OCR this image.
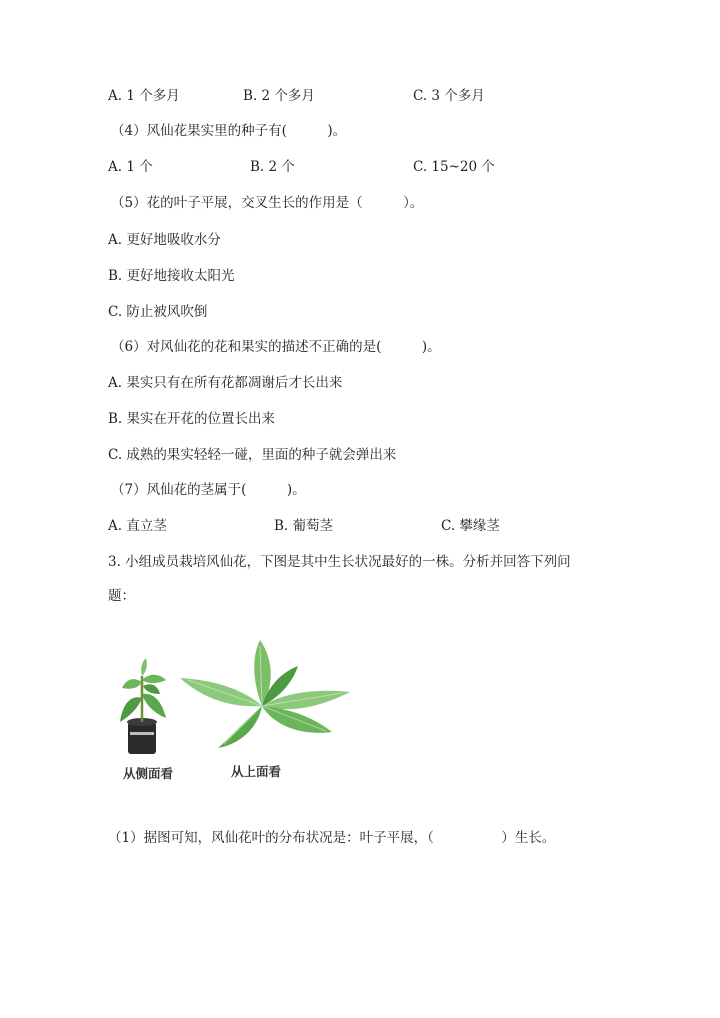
A. 1 个多月	B. 2 个多月	C. 3 个多月
（4）风仙花果实里的种子有(　　　)。
A. 1 个	B. 2 个	C. 15~20 个
（5）花的叶子平展，交叉生长的作用是（　　　）。
A. 更好地吸收水分
B. 更好地接收太阳光
C. 防止被风吹倒
（6）对风仙花的花和果实的描述不正确的是(　　　)。
A. 果实只有在所有花都凋谢后才长出来
B. 果实在开花的位置长出来
C. 成熟的果实轻轻一碰，里面的种子就会弹出来
（7）风仙花的茎属于(　　　)。
A. 直立茎	B. 葡萄茎	C. 攀缘茎
3. 小组成员栽培风仙花，下图是其中生长状况最好的一株。分析并回答下列问
题：
从侧面看	从上面看
（1）据图可知，风仙花叶的分布状况是：叶子平展，（　　　　　）生长。
